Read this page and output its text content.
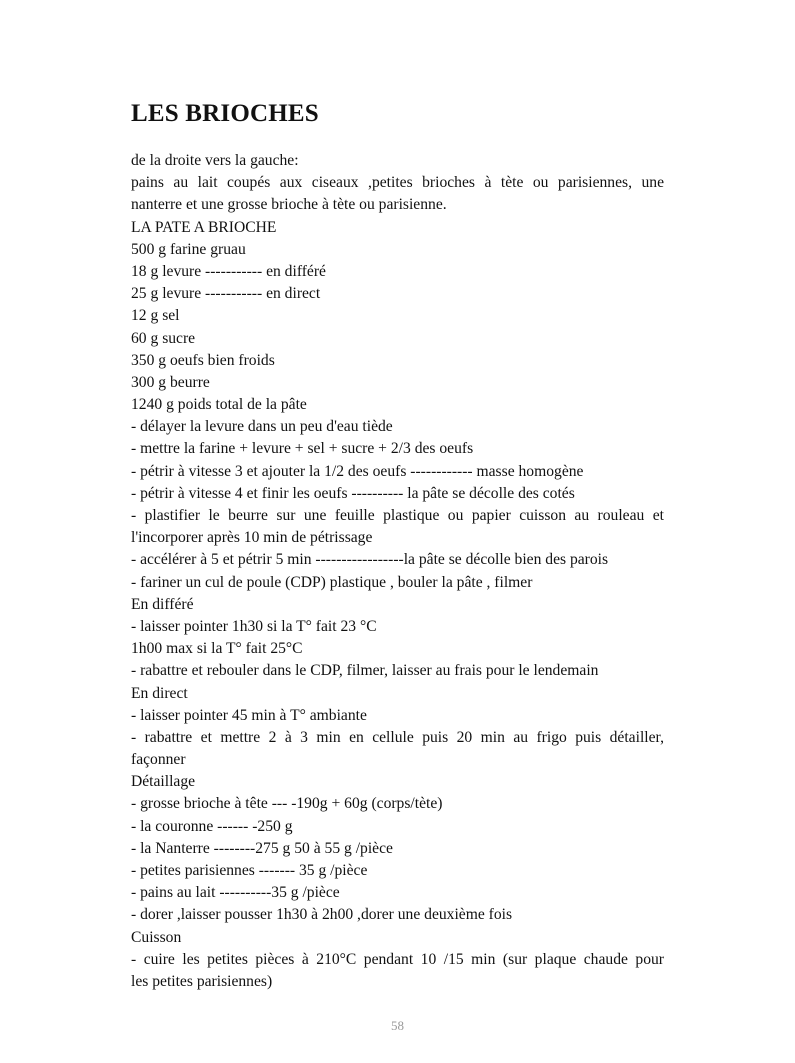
LES BRIOCHES
de la droite vers la gauche:
pains au lait coupés aux ciseaux ,petites brioches à tète ou parisiennes, une
nanterre et une grosse brioche à tète ou parisienne.
LA PATE A BRIOCHE
500 g farine gruau
18 g levure ----------- en différé
25 g levure ----------- en direct
12 g sel
60 g sucre
350 g oeufs bien froids
300 g beurre
1240 g poids total de la pâte
- délayer la levure dans un peu d'eau tiède
- mettre la farine + levure + sel + sucre + 2/3 des oeufs
- pétrir à vitesse 3 et ajouter la 1/2 des oeufs ------------ masse homogène
- pétrir à vitesse 4 et finir les oeufs ---------- la pâte se décolle des cotés
- plastifier le beurre sur une feuille plastique ou papier cuisson au rouleau et
l'incorporer après 10 min de pétrissage
- accélérer à 5 et pétrir 5 min -----------------la pâte se décolle bien des parois
- fariner un cul de poule (CDP) plastique , bouler la pâte , filmer
En différé
- laisser pointer 1h30 si la T° fait 23 °C
1h00 max si la T° fait 25°C
- rabattre et rebouler dans le CDP, filmer, laisser au frais pour le lendemain
En direct
- laisser pointer 45 min à T° ambiante
- rabattre et mettre 2 à 3 min en cellule puis 20 min au frigo puis détailler,
façonner
Détaillage
- grosse brioche à tête --- -190g + 60g (corps/tète)
- la couronne ------ -250 g
- la Nanterre --------275 g 50 à 55 g /pièce
- petites parisiennes ------- 35 g /pièce
- pains au lait ----------35 g /pièce
- dorer ,laisser pousser 1h30 à 2h00 ,dorer une deuxième fois
Cuisson
- cuire les petites pièces à 210°C pendant 10 /15 min (sur plaque chaude pour
les petites parisiennes)
58
